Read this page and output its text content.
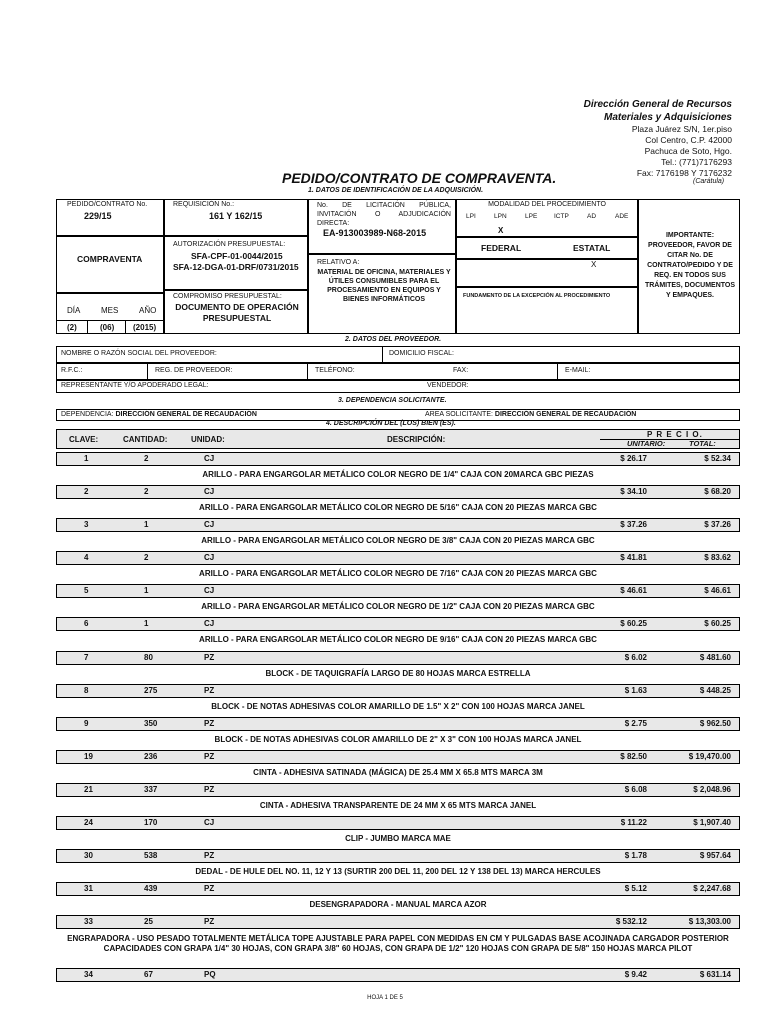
Dirección General de Recursos
Materiales y Adquisiciones
Plaza Juárez S/N, 1er.piso
Col Centro, C.P. 42000
Pachuca de Soto, Hgo.
Tel.: (771)7176293
Fax: 7176198 Y 7176232
PEDIDO/CONTRATO DE COMPRAVENTA.	(Carátula)
1. DATOS DE IDENTIFICACIÓN DE LA ADQUISICIÓN.
PEDIDO/CONTRATO No.
229/15
REQUISICIÓN No.:
161 Y 162/15
COMPRAVENTA
AUTORIZACIÓN PRESUPUESTAL:
SFA-CPF-01-0044/2015
SFA-12-DGA-01-DRF/0731/2015
COMPROMISO PRESUPUESTAL:
DOCUMENTO DE OPERACIÓN PRESUPUESTAL
DÍA	MES	AÑO
(2)	(06) (2015)
No. DE LICITACIÓN PÚBLICA, INVITACIÓN O ADJUDICACIÓN DIRECTA:
EA-913003989-N68-2015
RELATIVO A:
MATERIAL DE OFICINA, MATERIALES Y ÚTILES CONSUMIBLES PARA EL PROCESAMIENTO EN EQUIPOS Y BIENES INFORMÁTICOS
MODALIDAD DEL PROCEDIMIENTO
LPI	LPN	LPE	ICTP	AD	ADE
X
FEDERAL	ESTATAL
X
FUNDAMENTO DE LA EXCEPCIÓN AL PROCEDIMIENTO
IMPORTANTE: PROVEEDOR, FAVOR DE CITAR No. DE CONTRATO/PEDIDO Y DE REQ. EN TODOS SUS TRÁMITES, DOCUMENTOS Y EMPAQUES.
2. DATOS DEL PROVEEDOR.
NOMBRE O RAZÓN SOCIAL DEL PROVEEDOR:	DOMICILIO FISCAL:
R.F.C.:	REG. DE PROVEEDOR:	TELÉFONO:	FAX:	E-MAIL:
REPRESENTANTE Y/O APODERADO LEGAL:	VENDEDOR:
3. DEPENDENCIA SOLICITANTE.
DEPENDENCIA: DIRECCIÓN GENERAL DE RECAUDACIÓN	AREA SOLICITANTE: DIRECCIÓN GENERAL DE RECAUDACIÓN
4. DESCRIPCIÓN DEL (LOS) BIEN (ES).
CLAVE:	CANTIDAD:	UNIDAD:	DESCRIPCIÓN:
P R E C I O.
UNITARIO:	TOTAL:
1	2	CJ	$ 26.17	$ 52.34
ARILLO - PARA ENGARGOLAR METÁLICO COLOR NEGRO DE 1/4" CAJA CON 20MARCA GBC PIEZAS
2	2	CJ	$ 34.10	$ 68.20
ARILLO - PARA ENGARGOLAR METÁLICO COLOR NEGRO DE 5/16" CAJA CON 20 PIEZAS MARCA GBC
3	1	CJ	$ 37.26	$ 37.26
ARILLO - PARA ENGARGOLAR METÁLICO COLOR NEGRO DE 3/8" CAJA CON 20 PIEZAS MARCA GBC
4	2	CJ	$ 41.81	$ 83.62
ARILLO - PARA ENGARGOLAR METÁLICO COLOR NEGRO DE 7/16" CAJA CON 20 PIEZAS MARCA GBC
5	1	CJ	$ 46.61	$ 46.61
ARILLO - PARA ENGARGOLAR METÁLICO COLOR NEGRO DE 1/2" CAJA CON 20 PIEZAS MARCA GBC
6	1	CJ	$ 60.25	$ 60.25
ARILLO - PARA ENGARGOLAR METÁLICO COLOR NEGRO DE 9/16" CAJA CON 20 PIEZAS MARCA GBC
7	80	PZ	$ 6.02	$ 481.60
BLOCK - DE TAQUIGRAFÍA LARGO DE 80 HOJAS MARCA ESTRELLA
8	275	PZ	$ 1.63	$ 448.25
BLOCK - DE NOTAS ADHESIVAS COLOR AMARILLO DE 1.5" X 2" CON 100 HOJAS MARCA JANEL
9	350	PZ	$ 2.75	$ 962.50
BLOCK - DE NOTAS ADHESIVAS COLOR AMARILLO DE 2" X 3" CON 100 HOJAS MARCA JANEL
19	236	PZ	$ 82.50	$ 19,470.00
CINTA - ADHESIVA SATINADA (MÁGICA) DE 25.4 MM X 65.8 MTS MARCA 3M
21	337	PZ	$ 6.08	$ 2,048.96
CINTA - ADHESIVA TRANSPARENTE DE 24 MM X 65 MTS MARCA JANEL
24	170	CJ	$ 11.22	$ 1,907.40
CLIP - JUMBO MARCA MAE
30	538	PZ	$ 1.78	$ 957.64
DEDAL - DE HULE DEL NO. 11, 12 Y 13 (SURTIR 200 DEL 11, 200 DEL 12 Y 138 DEL 13) MARCA HERCULES
31	439	PZ	$ 5.12	$ 2,247.68
DESENGRAPADORA - MANUAL MARCA AZOR
33	25	PZ	$ 532.12	$ 13,303.00
ENGRAPADORA - USO PESADO TOTALMENTE METÁLICA TOPE AJUSTABLE PARA PAPEL CON MEDIDAS EN CM Y PULGADAS BASE ACOJINADA CARGADOR POSTERIOR CAPACIDADES CON GRAPA 1/4" 30 HOJAS, CON GRAPA 3/8" 60 HOJAS, CON GRAPA DE 1/2" 120 HOJAS CON GRAPA DE 5/8" 150 HOJAS MARCA PILOT
34	67	PQ	$ 9.42	$ 631.14
HOJA 1 DE 5
